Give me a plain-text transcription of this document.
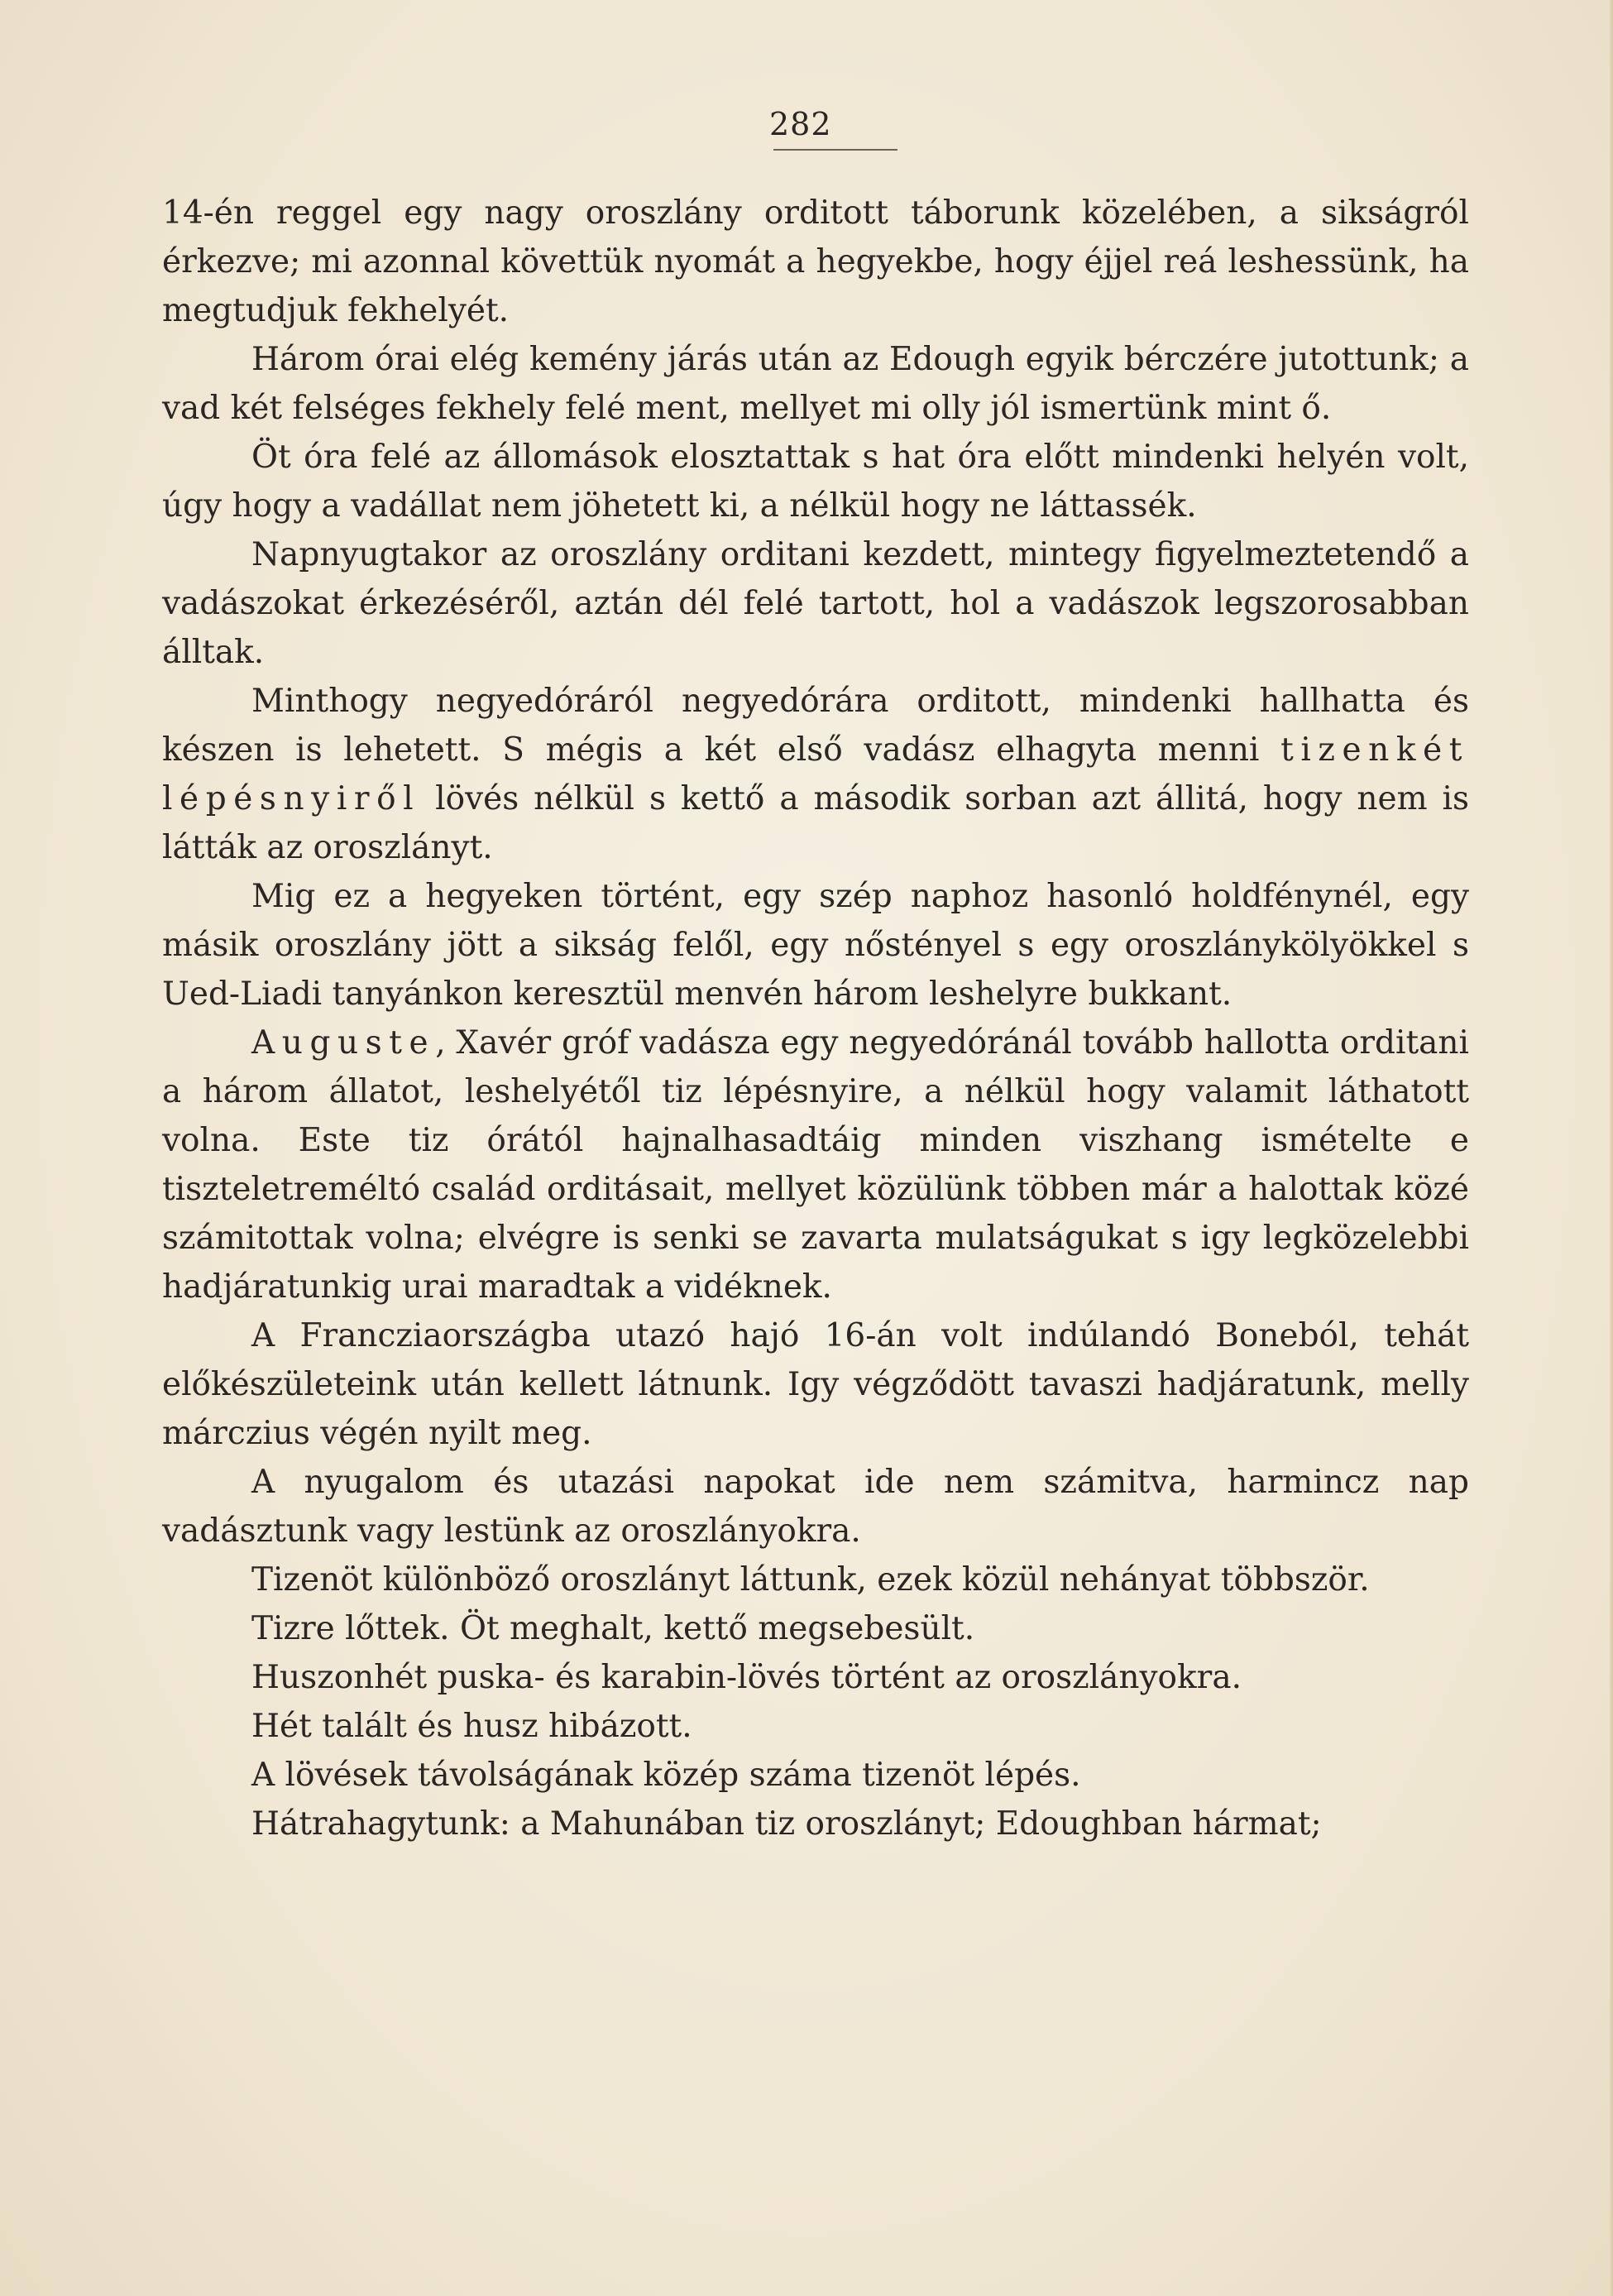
282

14-én reggel egy nagy oroszlány orditott táborunk közelében, a sikságról érkezve; mi azonnal követtük nyomát a hegyekbe, hogy éjjel reá leshessünk, ha megtudjuk fekhelyét.

Három órai elég kemény járás után az Edough egyik bérczére jutottunk; a vad két felséges fekhely felé ment, mellyet mi olly jól ismertünk mint ő.

Öt óra felé az állomások elosztattak s hat óra előtt mindenki helyén volt, úgy hogy a vadállat nem jöhetett ki, a nélkül hogy ne láttassék.

Napnyugtakor az oroszlány orditani kezdett, mintegy figyelmeztetendő a vadászokat érkezéséről, aztán dél felé tartott, hol a vadászok legszorosabban álltak.

Minthogy negyedóráról negyedórára orditott, mindenki hallhatta és készen is lehetett. S mégis a két első vadász elhagyta menni tizenkét lépésnyiről lövés nélkül s kettő a második sorban azt állitá, hogy nem is látták az oroszlányt.

Mig ez a hegyeken történt, egy szép naphoz hasonló holdfénynél, egy másik oroszlány jött a sikság felől, egy nőstényel s egy oroszlánykölyökkel s Ued-Liadi tanyánkon keresztül menvén három leshelyre bukkant.

Auguste, Xavér gróf vadásza egy negyedóránál tovább hallotta orditani a három állatot, leshelyétől tiz lépésnyire, a nélkül hogy valamit láthatott volna. Este tiz órától hajnalhasadtáig minden viszhang ismételte e tiszteletreméltó család orditásait, mellyet közülünk többen már a halottak közé számitottak volna; elvégre is senki se zavarta mulatságukat s igy legközelebbi hadjáratunkig urai maradtak a vidéknek.

A Francziaországba utazó hajó 16-án volt indúlandó Boneból, tehát előkészületeink után kellett látnunk. Igy végződött tavaszi hadjáratunk, melly márczius végén nyilt meg.

A nyugalom és utazási napokat ide nem számitva, harmincz nap vadásztunk vagy lestünk az oroszlányokra.

Tizenöt különböző oroszlányt láttunk, ezek közül nehányat többször.

Tizre lőttek. Öt meghalt, kettő megsebesült.

Huszonhét puska- és karabin-lövés történt az oroszlányokra.

Hét talált és husz hibázott.

A lövések távolságának közép száma tizenöt lépés.

Hátrahagytunk: a Mahunában tiz oroszlányt; Edoughban hármat;
